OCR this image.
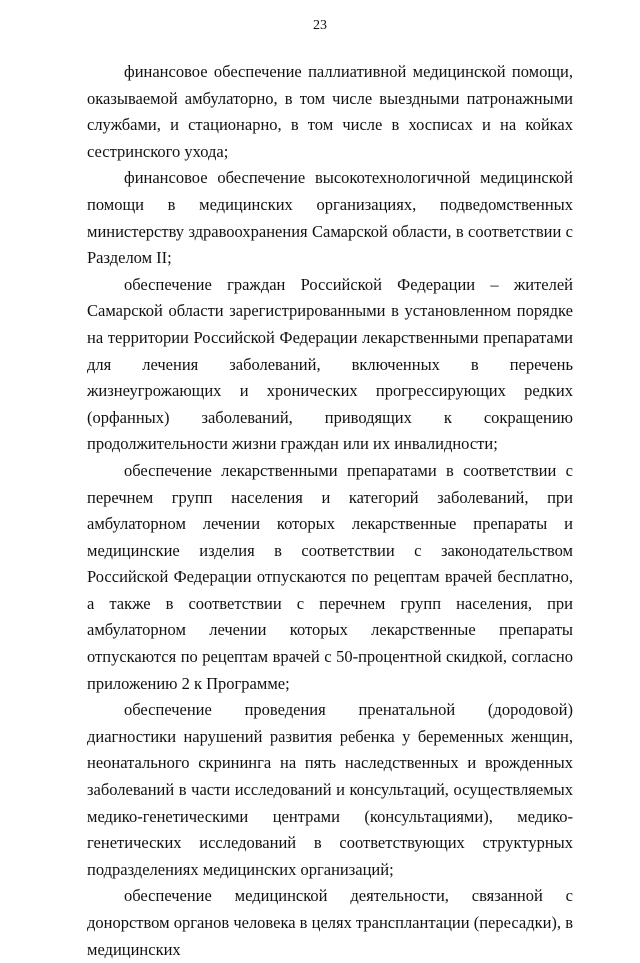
23

финансовое обеспечение паллиативной медицинской помощи, оказываемой амбулаторно, в том числе выездными патронажными службами, и стационарно, в том числе в хосписах и на койках сестринского ухода;

финансовое обеспечение высокотехнологичной медицинской помощи в медицинских организациях, подведомственных министерству здравоохранения Самарской области, в соответствии с Разделом II;

обеспечение граждан Российской Федерации – жителей Самарской области зарегистрированными в установленном порядке на территории Российской Федерации лекарственными препаратами для лечения заболеваний, включенных в перечень жизнеугрожающих и хронических прогрессирующих редких (орфанных) заболеваний, приводящих к сокращению продолжительности жизни граждан или их инвалидности;

обеспечение лекарственными препаратами в соответствии с перечнем групп населения и категорий заболеваний, при амбулаторном лечении которых лекарственные препараты и медицинские изделия в соответствии с законодательством Российской Федерации отпускаются по рецептам врачей бесплатно, а также в соответствии с перечнем групп населения, при амбулаторном лечении которых лекарственные препараты отпускаются по рецептам врачей с 50-процентной скидкой, согласно приложению 2 к Программе;

обеспечение проведения пренатальной (дородовой) диагностики нарушений развития ребенка у беременных женщин, неонатального скрининга на пять наследственных и врожденных заболеваний в части исследований и консультаций, осуществляемых медико-генетическими центрами (консультациями), медико-генетических исследований в соответствующих структурных подразделениях медицинских организаций;

обеспечение медицинской деятельности, связанной с донорством органов человека в целях трансплантации (пересадки), в медицинских
